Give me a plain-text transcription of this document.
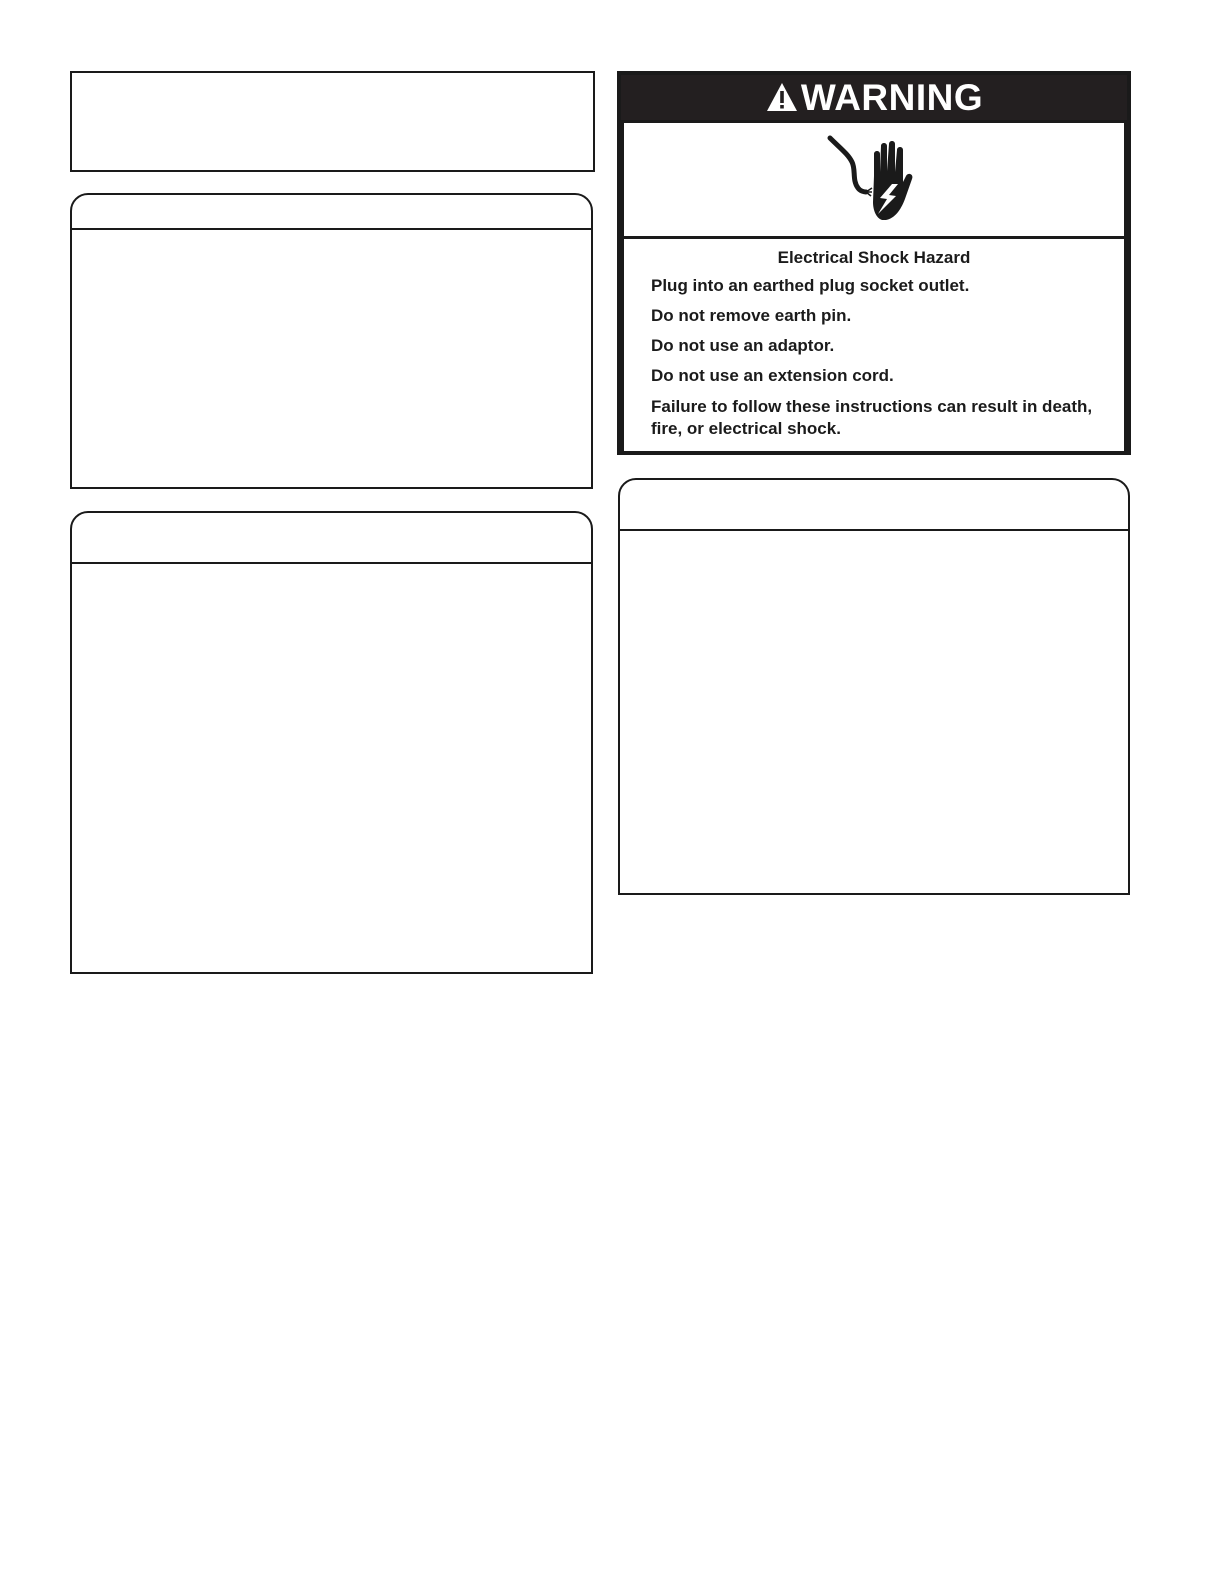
WARNING
Electrical Shock Hazard
Plug into an earthed plug socket outlet.
Do not remove earth pin.
Do not use an adaptor.
Do not use an extension cord.
Failure to follow these instructions can result in death, fire, or electrical shock.
